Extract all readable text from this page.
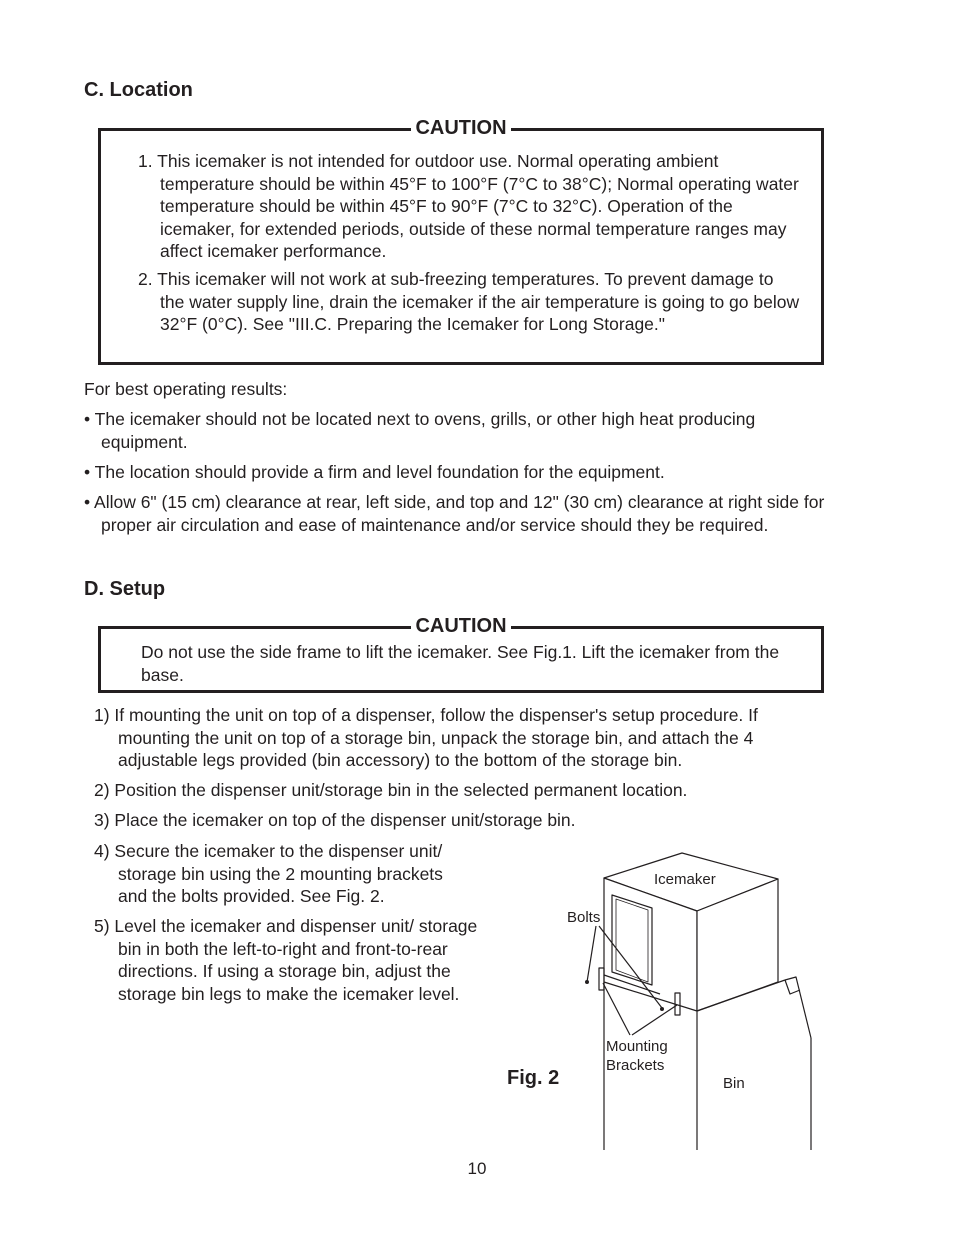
C. Location
CAUTION

1. This icemaker is not intended for outdoor use. Normal operating ambient temperature should be within 45°F to 100°F (7°C to 38°C); Normal operating water temperature should be within 45°F to 90°F (7°C to 32°C). Operation of the icemaker, for extended periods, outside of these normal temperature ranges may affect icemaker performance.

2. This icemaker will not work at sub-freezing temperatures. To prevent damage to the water supply line, drain the icemaker if the air temperature is going to go below 32°F (0°C). See "III.C. Preparing the Icemaker for Long Storage."

For best operating results:

• The icemaker should not be located next to ovens, grills, or other high heat producing equipment.

• The location should provide a firm and level foundation for the equipment.

• Allow 6" (15 cm) clearance at rear, left side, and top and 12" (30 cm) clearance at right side for proper air circulation and ease of maintenance and/or service should they be required.

D. Setup
CAUTION

Do not use the side frame to lift the icemaker. See Fig.1. Lift the icemaker from the base.

1) If mounting the unit on top of a dispenser, follow the dispenser's setup procedure. If mounting the unit on top of a storage bin, unpack the storage bin, and attach the 4 adjustable legs provided (bin accessory) to the bottom of the storage bin.

2) Position the dispenser unit/storage bin in the selected permanent location.

3) Place the icemaker on top of the dispenser unit/storage bin.

4) Secure the icemaker to the dispenser unit/ storage bin using the 2 mounting brackets and the bolts provided. See Fig. 2.

5) Level the icemaker and dispenser unit/ storage bin in both the left-to-right and front-to-rear directions. If using a storage bin, adjust the storage bin legs to make the icemaker level.

Fig. 2
Icemaker
Bolts
Mounting
Brackets
Bin
10
